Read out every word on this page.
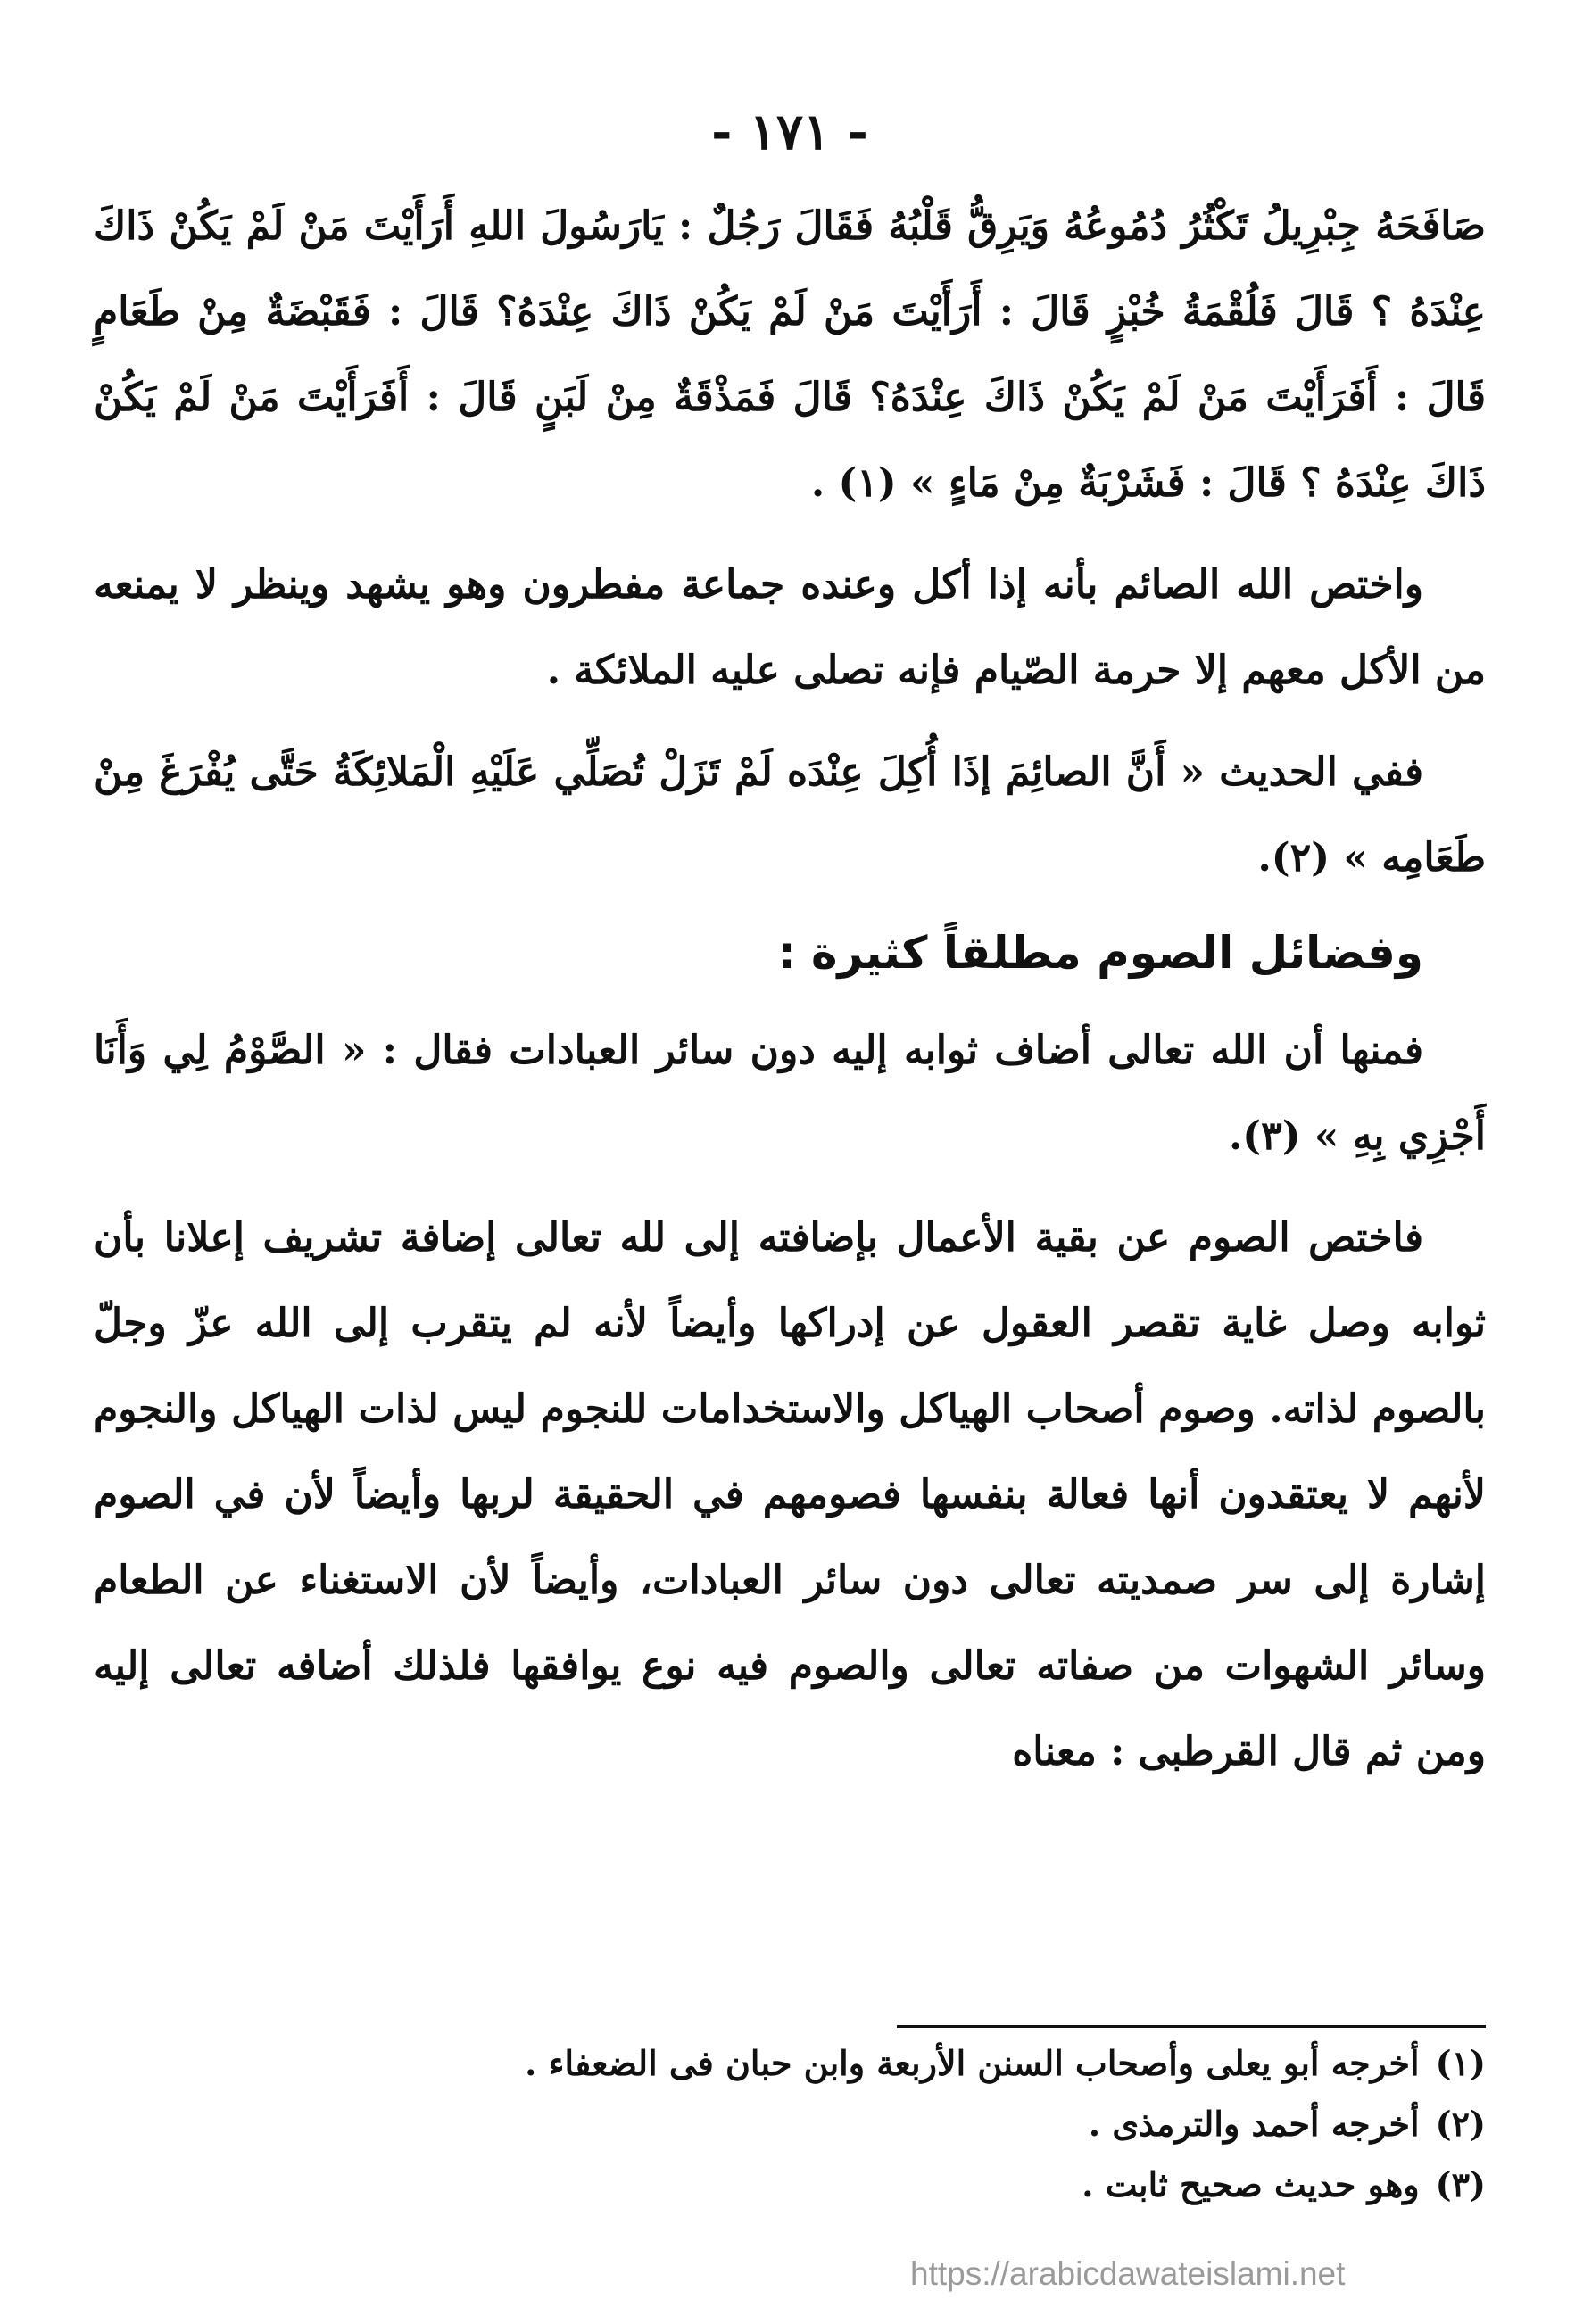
- ١٧١ -

صَافَحَهُ جِبْرِيلُ تَكْثُرُ دُمُوعُهُ وَيَرِقُّ قَلْبُهُ فَقَالَ رَجُلٌ : يَارَسُولَ اللهِ أَرَأَيْتَ مَنْ لَمْ يَكُنْ ذَاكَ عِنْدَهُ ؟ قَالَ فَلُقْمَةُ خُبْزٍ قَالَ : أَرَأَيْتَ مَنْ لَمْ يَكُنْ ذَاكَ عِنْدَهُ؟ قَالَ : فَقَبْضَةٌ مِنْ طَعَامٍ قَالَ : أَفَرَأَيْتَ مَنْ لَمْ يَكُنْ ذَاكَ عِنْدَهُ؟ قَالَ فَمَذْقَةٌ مِنْ لَبَنٍ قَالَ : أَفَرَأَيْتَ مَنْ لَمْ يَكُنْ ذَاكَ عِنْدَهُ ؟ قَالَ : فَشَرْبَةٌ مِنْ مَاءٍ » (١) .

واختص الله الصائم بأنه إذا أكل وعنده جماعة مفطرون وهو يشهد وينظر لا يمنعه من الأكل معهم إلا حرمة الصّيام فإنه تصلى عليه الملائكة .

ففي الحديث « أَنَّ الصائِمَ إذَا أُكِلَ عِنْدَه لَمْ تَزَلْ تُصَلِّي عَلَيْهِ الْمَلائِكَةُ حَتَّى يُفْرَغَ مِنْ طَعَامِه » (٢).

وفضائل الصوم مطلقاً كثيرة :

فمنها أن الله تعالى أضاف ثوابه إليه دون سائر العبادات فقال : « الصَّوْمُ لِي وَأَنَا أَجْزِي بِهِ » (٣).

فاختص الصوم عن بقية الأعمال بإضافته إلى لله تعالى إضافة تشريف إعلانا بأن ثوابه وصل غاية تقصر العقول عن إدراكها وأيضاً لأنه لم يتقرب إلى الله عزّ وجلّ بالصوم لذاته. وصوم أصحاب الهياكل والاستخدامات للنجوم ليس لذات الهياكل والنجوم لأنهم لا يعتقدون أنها فعالة بنفسها فصومهم في الحقيقة لربها وأيضاً لأن في الصوم إشارة إلى سر صمديته تعالى دون سائر العبادات، وأيضاً لأن الاستغناء عن الطعام وسائر الشهوات من صفاته تعالى والصوم فيه نوع يوافقها فلذلك أضافه تعالى إليه ومن ثم قال القرطبى : معناه

(١)
أخرجه أبو يعلى وأصحاب السنن الأربعة وابن حبان فى الضعفاء .
(٢)
أخرجه أحمد والترمذى .
(٣)
وهو حديث صحيح ثابت .
https://arabicdawateislami.net
